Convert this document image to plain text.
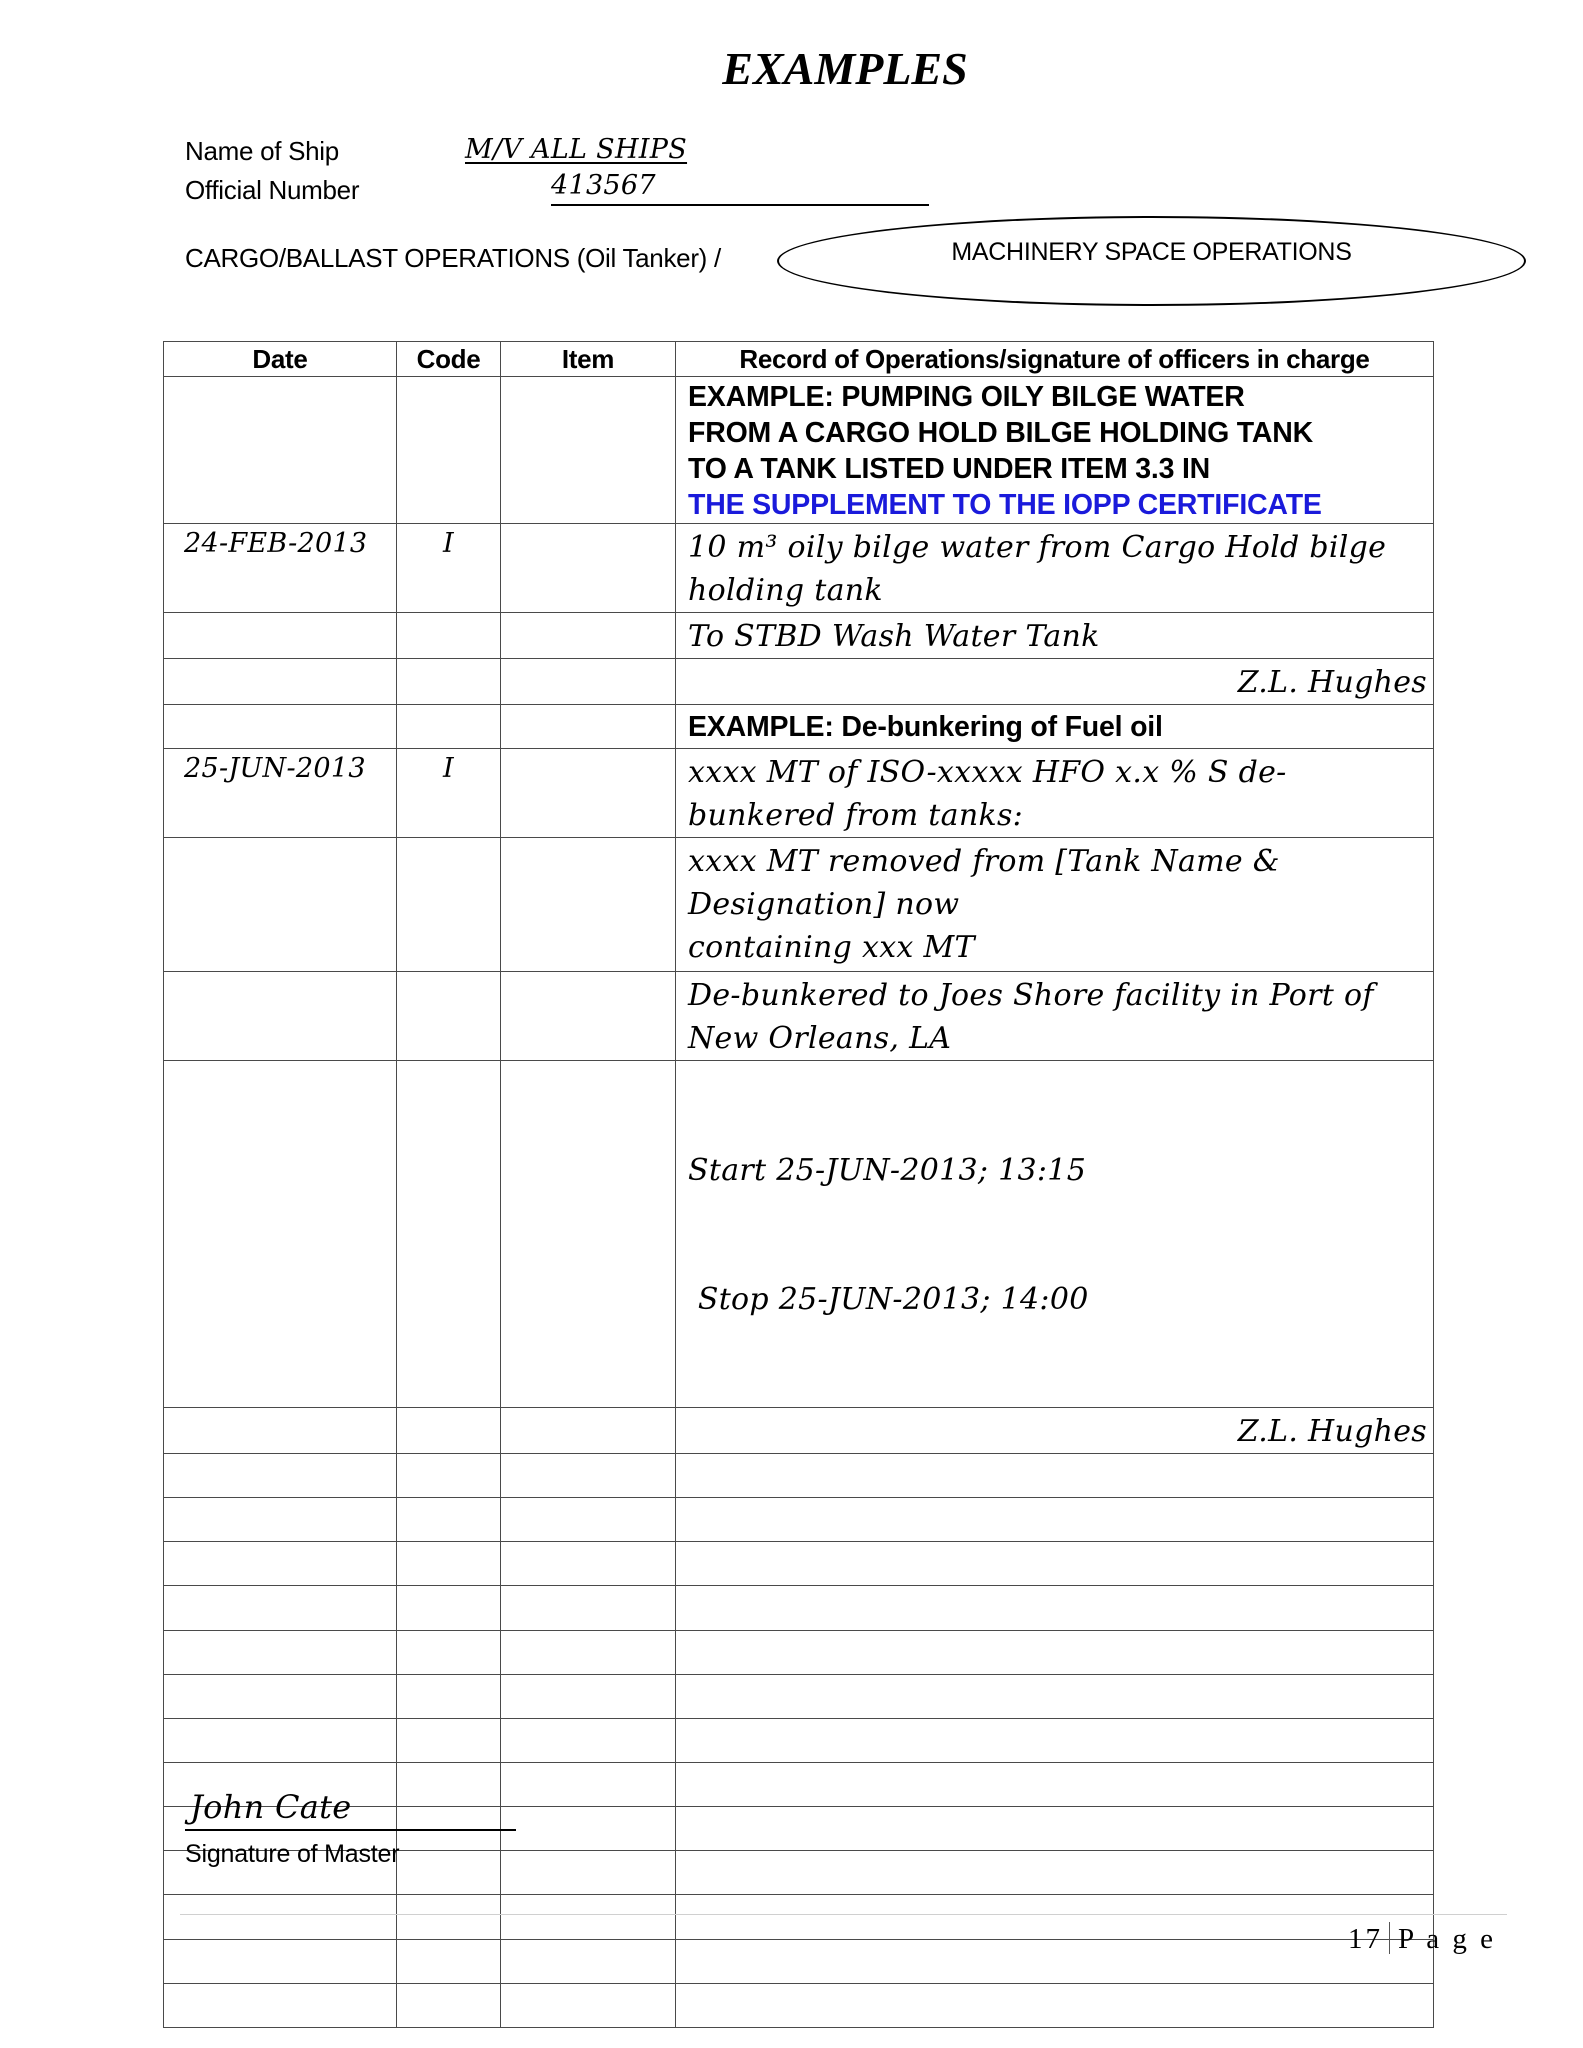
EXAMPLES
Name of Ship	M/V ALL SHIPS
Official Number	413567
CARGO/BALLAST OPERATIONS (Oil Tanker) /	MACHINERY SPACE OPERATIONS
Date	Code	Item	Record of Operations/signature of officers in charge

			EXAMPLE: PUMPING OILY BILGE WATER
FROM A CARGO HOLD BILGE HOLDING TANK
TO A TANK LISTED UNDER ITEM 3.3 IN
THE SUPPLEMENT TO THE IOPP CERTIFICATE

24-FEB-2013	I		10 m³ oily bilge water from Cargo Hold bilge holding tank
			To STBD Wash Water Tank
			Z.L. Hughes
			EXAMPLE: De-bunkering of Fuel oil
25-JUN-2013	I		xxxx MT of ISO-xxxxx HFO x.x % S de-bunkered from tanks:

			xxxx MT removed from [Tank Name &
Designation] now
containing xxx MT

			De-bunkered to Joes Shore facility in Port of New Orleans, LA

			Start 25-JUN-2013; 13:15

Stop 25-JUN-2013; 14:00

			Z.L. Hughes

John Cate
Signature of Master
17 P a g e
